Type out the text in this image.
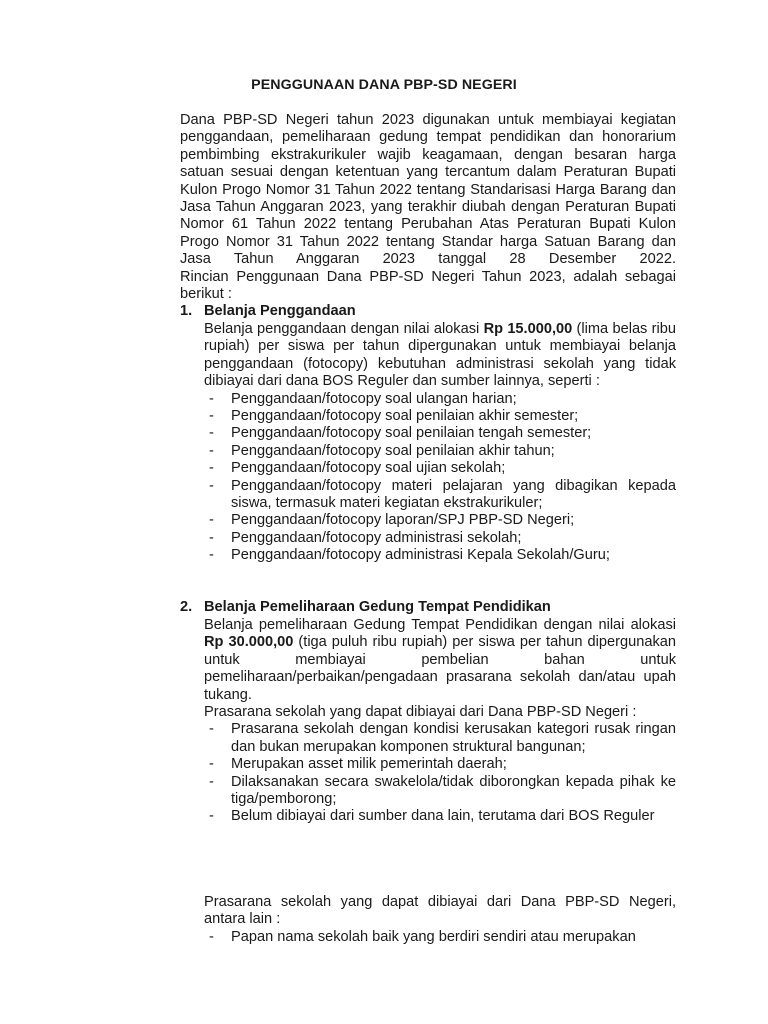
PENGGUNAAN DANA PBP-SD NEGERI

Dana PBP-SD Negeri tahun 2023 digunakan untuk membiayai kegiatan penggandaan, pemeliharaan gedung tempat pendidikan dan honorarium pembimbing ekstrakurikuler wajib keagamaan, dengan besaran harga satuan sesuai dengan ketentuan yang tercantum dalam Peraturan Bupati Kulon Progo Nomor 31 Tahun 2022 tentang Standarisasi Harga Barang dan Jasa Tahun Anggaran 2023, yang terakhir diubah dengan Peraturan Bupati Nomor 61 Tahun 2022 tentang Perubahan Atas Peraturan Bupati Kulon Progo Nomor 31 Tahun 2022 tentang Standar harga Satuan Barang dan Jasa Tahun Anggaran 2023 tanggal 28 Desember 2022.

Rincian Penggunaan Dana PBP-SD Negeri Tahun 2023, adalah sebagai berikut :

1. Belanja Penggandaan

Belanja penggandaan dengan nilai alokasi Rp 15.000,00 (lima belas ribu rupiah) per siswa per tahun dipergunakan untuk membiayai belanja penggandaan (fotocopy) kebutuhan administrasi sekolah yang tidak dibiayai dari dana BOS Reguler dan sumber lainnya, seperti :

- Penggandaan/fotocopy soal ulangan harian;
- Penggandaan/fotocopy soal penilaian akhir semester;
- Penggandaan/fotocopy soal penilaian tengah semester;
- Penggandaan/fotocopy soal penilaian akhir tahun;
- Penggandaan/fotocopy soal ujian sekolah;
- Penggandaan/fotocopy materi pelajaran yang dibagikan kepada siswa, termasuk materi kegiatan ekstrakurikuler;
- Penggandaan/fotocopy laporan/SPJ PBP-SD Negeri;
- Penggandaan/fotocopy administrasi sekolah;
- Penggandaan/fotocopy administrasi Kepala Sekolah/Guru;
2. Belanja Pemeliharaan Gedung Tempat Pendidikan

Belanja pemeliharaan Gedung Tempat Pendidikan dengan nilai alokasi Rp 30.000,00 (tiga puluh ribu rupiah) per siswa per tahun dipergunakan untuk membiayai pembelian bahan untuk pemeliharaan/perbaikan/pengadaan prasarana sekolah dan/atau upah tukang.

Prasarana sekolah yang dapat dibiayai dari Dana PBP-SD Negeri :

- Prasarana sekolah dengan kondisi kerusakan kategori rusak ringan dan bukan merupakan komponen struktural bangunan;
- Merupakan asset milik pemerintah daerah;
- Dilaksanakan secara swakelola/tidak diborongkan kepada pihak ke tiga/pemborong;
- Belum dibiayai dari sumber dana lain, terutama dari BOS Reguler

Prasarana sekolah yang dapat dibiayai dari Dana PBP-SD Negeri, antara lain :

- Papan nama sekolah baik yang berdiri sendiri atau merupakan
